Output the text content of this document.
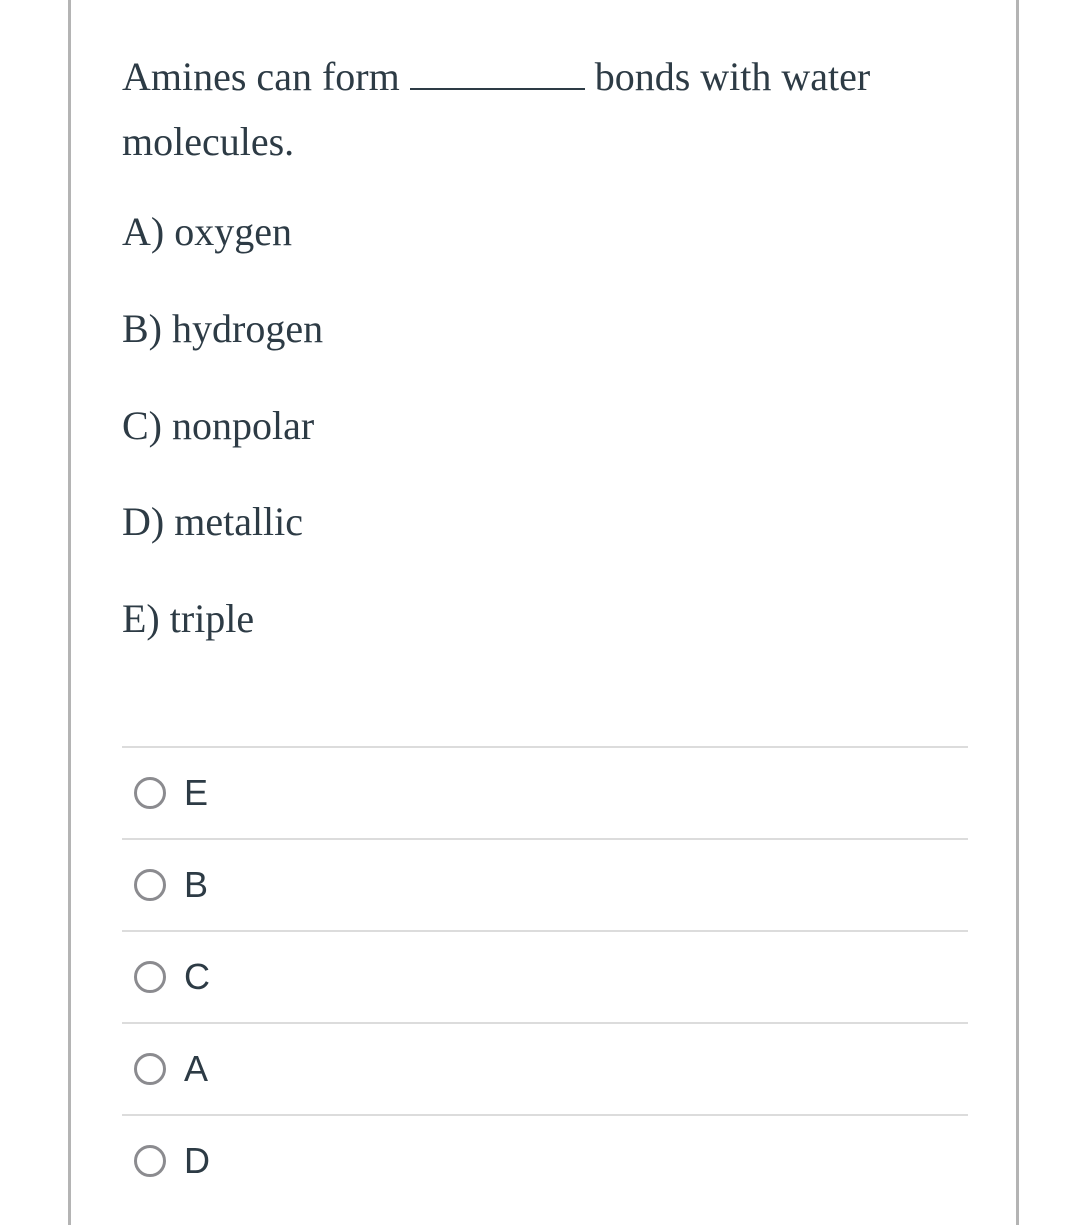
Amines can form	bonds with water molecules.
A) oxygen
B) hydrogen
C) nonpolar
D) metallic
E) triple
E
B
C
A
D
